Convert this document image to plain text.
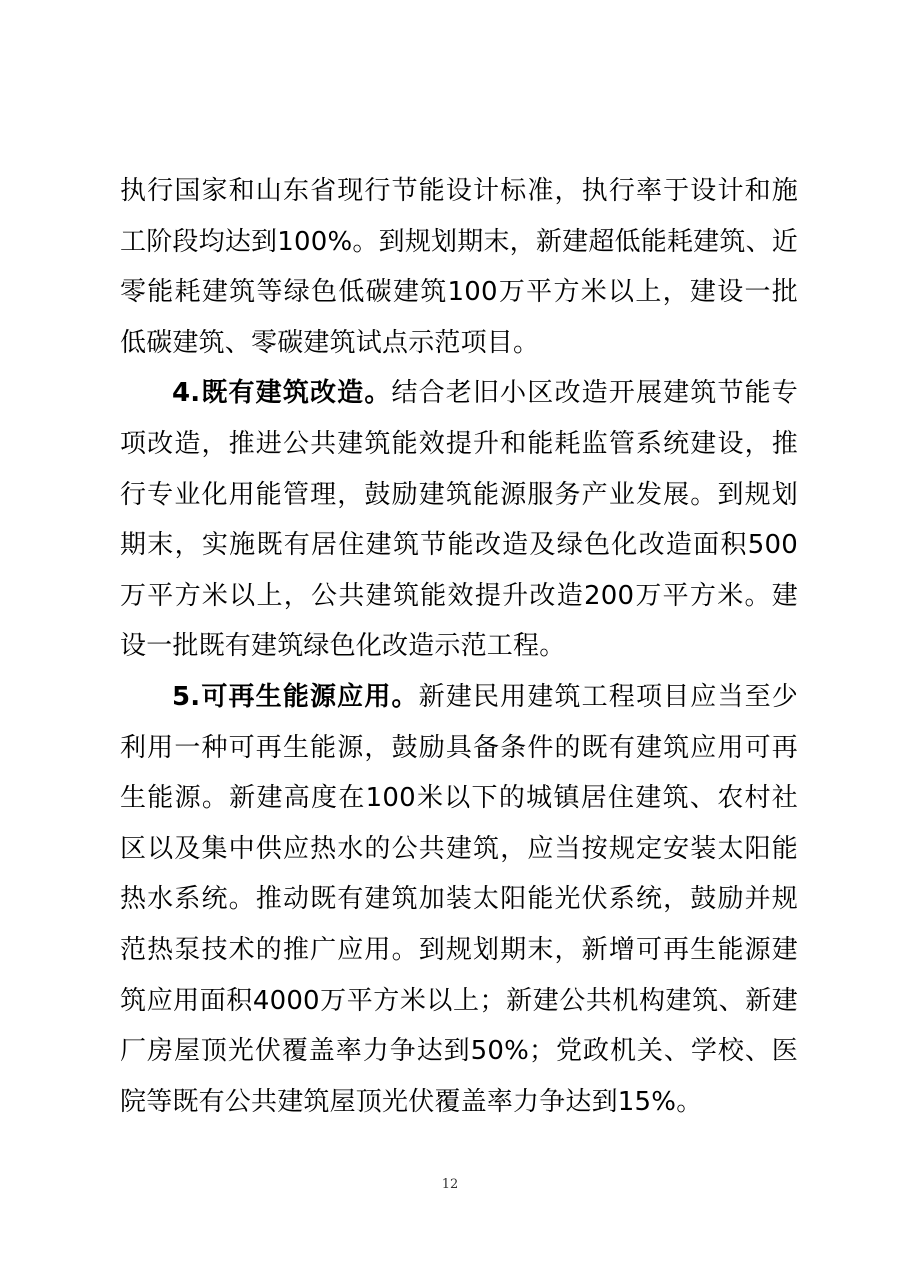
执行国家和山东省现行节能设计标准，执行率于设计和施工阶段均达到100%。到规划期末，新建超低能耗建筑、近零能耗建筑等绿色低碳建筑100万平方米以上，建设一批低碳建筑、零碳建筑试点示范项目。

4.既有建筑改造。结合老旧小区改造开展建筑节能专项改造，推进公共建筑能效提升和能耗监管系统建设，推行专业化用能管理，鼓励建筑能源服务产业发展。到规划期末，实施既有居住建筑节能改造及绿色化改造面积500万平方米以上，公共建筑能效提升改造200万平方米。建设一批既有建筑绿色化改造示范工程。

5.可再生能源应用。新建民用建筑工程项目应当至少利用一种可再生能源，鼓励具备条件的既有建筑应用可再生能源。新建高度在100米以下的城镇居住建筑、农村社区以及集中供应热水的公共建筑，应当按规定安装太阳能热水系统。推动既有建筑加装太阳能光伏系统，鼓励并规范热泵技术的推广应用。到规划期末，新增可再生能源建筑应用面积4000万平方米以上；新建公共机构建筑、新建厂房屋顶光伏覆盖率力争达到50%；党政机关、学校、医院等既有公共建筑屋顶光伏覆盖率力争达到15%。

12
